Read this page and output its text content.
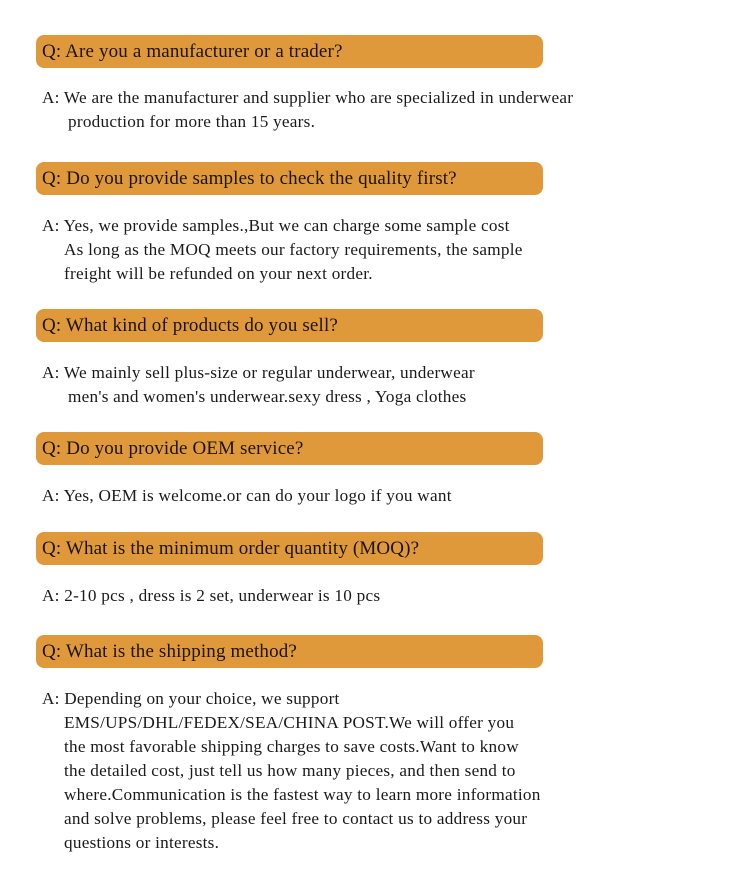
Q: Are you a manufacturer or a trader?
A: We are the manufacturer and supplier who are specialized in underwear
production for more than 15 years.
Q: Do you provide samples to check the quality first?
A: Yes, we provide samples.,But we can charge some sample cost
As long as the MOQ meets our factory requirements, the sample
freight will be refunded on your next order.
Q: What kind of products do you sell?
A: We mainly sell plus-size or regular underwear, underwear
men's and women's underwear.sexy dress , Yoga clothes
Q: Do you provide OEM service?
A: Yes, OEM is welcome.or can do your logo if you want
Q: What is the minimum order quantity (MOQ)?
A: 2-10 pcs , dress is 2 set, underwear is 10 pcs
Q: What is the shipping method?
A: Depending on your choice, we support
EMS/UPS/DHL/FEDEX/SEA/CHINA POST.We will offer you
the most favorable shipping charges to save costs.Want to know
the detailed cost, just tell us how many pieces, and then send to
where.Communication is the fastest way to learn more information
and solve problems, please feel free to contact us to address your
questions or interests.
